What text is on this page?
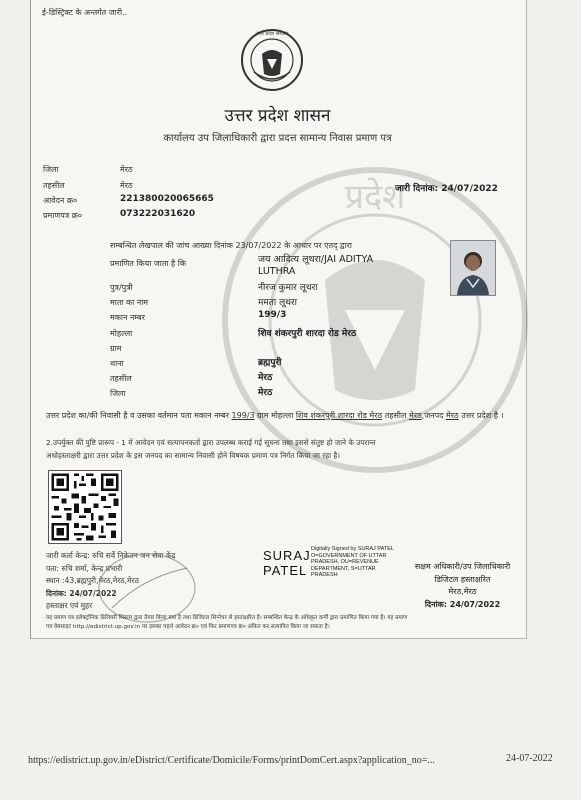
प्रदेश
ई-डिस्ट्रिक्ट के अन्तर्गत जारी..
उत्तर प्रदेश सरकार
उत्तर प्रदेश शासन
कार्यालय उप जिलाधिकारी द्वारा प्रदत्त सामान्य निवास प्रमाण पत्र
जिला	मेरठ
तहसील	मेरठ
आवेदन क्र०	221380020065665
प्रमाणपत्र क्र०	073222031620
जारी दिनांक: 24/07/2022
सम्बन्धित लेखपाल की जांच आख्या दिनांक 23/07/2022 के आधार पर एतद् द्वारा
प्रमाणित किया जाता है कि	जय आदित्य लूथरा/JAI ADITYA
LUTHRA
पुत्र/पुत्री	नीरज कुमार लूथरा
माता का नाम	ममता लूथरा
मकान नम्बर	199/3
मोहल्ला	शिव शंकरपुरी शारदा रोड मेरठ
ग्राम
थाना	ब्रह्मपुरी
तहसील	मेरठ
जिला	मेरठ
उत्तर प्रदेश का/की निवासी है व उसका वर्तमान पता मकान नम्बर 199/3 ग्राम मोहल्ला शिव शंकरपुरी शारदा रोड मेरठ तहसील मेरठ,जनपद मेरठ उत्तर प्रदेश है ।
2.उपर्युक्त की पुष्टि प्रारूप - 1 में आवेदन एवं सत्यापनकर्ता द्वारा उपलब्ध कराई गई सूचना तथा इससे संतुष्ट हो जाने के उपरान्त
अधोहस्ताक्षरी द्वारा उत्तर प्रदेश के इस जनपद का सामान्य निवासी होने विषयक प्रमाण पत्र निर्गत किया जा रहा है।
जारी कर्ता केन्द्र: रुचि सर्वे निकेतन जन सेवा केंद्र
पता: रुचि शर्मा, केन्द्र प्रभारी
स्थान :43,ब्रह्मपुरी,मेरठ,मेरठ,मेरठ
दिनांक: 24/07/2022
हस्ताक्षर एवं मुहर
SURAJ
PATEL
Digitally Signed by SURAJ PATEL
O=GOVERNMENT OF UTTAR
PRADESH, OU=REVENUE
DEPARTMENT, S=UTTAR
PRADESH
सक्षम अधिकारी/उप जिलाधिकारी
डिजिटल हस्ताक्षरित
मेरठ,मेरठ
दिनांक: 24/07/2022
यह प्रमाण पत्र इलेक्ट्रॉनिक डिलिवरी सिस्टम द्वारा तैयार किया गया है तथा डिजिटल सिग्नेचर से हस्ताक्षरित है। सम्बन्धित केन्द्र के अधिकृत कर्मी द्वारा प्रमाणित किया गया है। यह प्रमाण
पत्र वेबसाइट http://edistrict.up.gov.in पर इसका पहले आवेदन क्र० एवं फिर प्रमाणपत्र क्र० अंकित कर,सत्यापित किया जा सकता है।
https://edistrict.up.gov.in/eDistrict/Certificate/Domicile/Forms/printDomCert.aspx?application_no=...	24-07-2022
